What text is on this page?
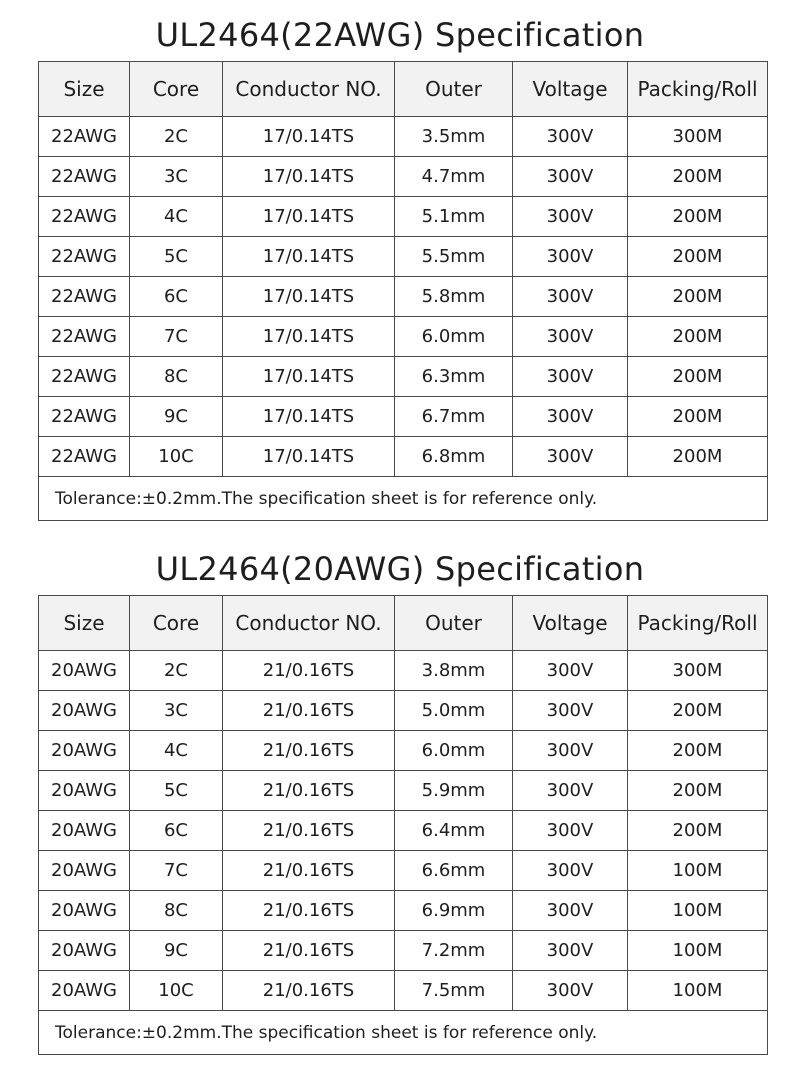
UL2464(22AWG) Specification
Size	Core	Conductor NO.	Outer	Voltage	Packing/Roll
22AWG	2C	17/0.14TS	3.5mm	300V	300M
22AWG	3C	17/0.14TS	4.7mm	300V	200M
22AWG	4C	17/0.14TS	5.1mm	300V	200M
22AWG	5C	17/0.14TS	5.5mm	300V	200M
22AWG	6C	17/0.14TS	5.8mm	300V	200M
22AWG	7C	17/0.14TS	6.0mm	300V	200M
22AWG	8C	17/0.14TS	6.3mm	300V	200M
22AWG	9C	17/0.14TS	6.7mm	300V	200M
22AWG	10C	17/0.14TS	6.8mm	300V	200M
Tolerance:±0.2mm.The specification sheet is for reference only.					
UL2464(20AWG) Specification
Size	Core	Conductor NO.	Outer	Voltage	Packing/Roll
20AWG	2C	21/0.16TS	3.8mm	300V	300M
20AWG	3C	21/0.16TS	5.0mm	300V	200M
20AWG	4C	21/0.16TS	6.0mm	300V	200M
20AWG	5C	21/0.16TS	5.9mm	300V	200M
20AWG	6C	21/0.16TS	6.4mm	300V	200M
20AWG	7C	21/0.16TS	6.6mm	300V	100M
20AWG	8C	21/0.16TS	6.9mm	300V	100M
20AWG	9C	21/0.16TS	7.2mm	300V	100M
20AWG	10C	21/0.16TS	7.5mm	300V	100M
Tolerance:±0.2mm.The specification sheet is for reference only.					
